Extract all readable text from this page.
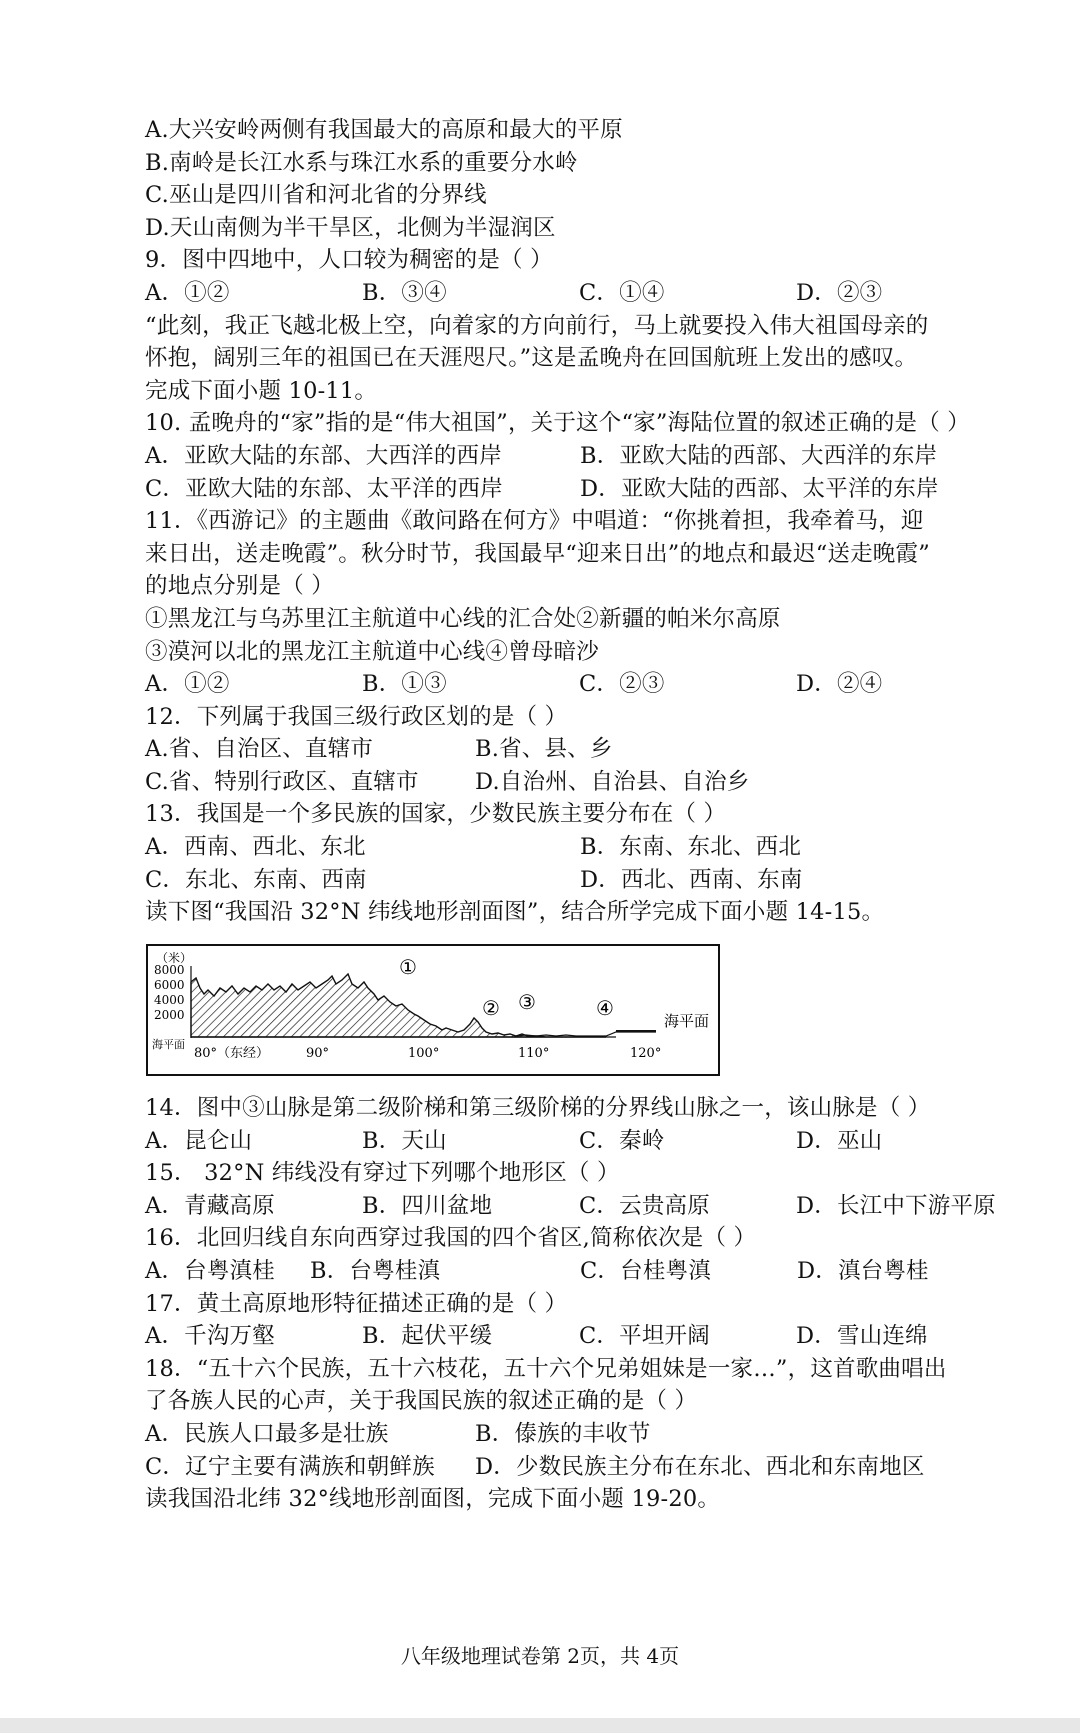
A.大兴安岭两侧有我国最大的高原和最大的平原
B.南岭是长江水系与珠江水系的重要分水岭
C.巫山是四川省和河北省的分界线
D.天山南侧为半干旱区，北侧为半湿润区
9．图中四地中，人口较为稠密的是（ ）
A．①②	B．③④	C．①④	D．②③
“此刻，我正飞越北极上空，向着家的方向前行，马上就要投入伟大祖国母亲的
怀抱，阔别三年的祖国已在天涯咫尺。”这是孟晚舟在回国航班上发出的感叹。
完成下面小题 10-11。
10. 孟晚舟的“家”指的是“伟大祖国”，关于这个“家”海陆位置的叙述正确的是（ ）
A．亚欧大陆的东部、大西洋的西岸	B．亚欧大陆的西部、大西洋的东岸
C．亚欧大陆的东部、太平洋的西岸	D．亚欧大陆的西部、太平洋的东岸
11．《西游记》的主题曲《敢问路在何方》中唱道：“你挑着担，我牵着马，迎
来日出，送走晚霞”。秋分时节，我国最早“迎来日出”的地点和最迟“送走晚霞”
的地点分别是（ ）
①黑龙江与乌苏里江主航道中心线的汇合处②新疆的帕米尔高原
③漠河以北的黑龙江主航道中心线④曾母暗沙
A．①②	B．①③	C．②③	D．②④
12．下列属于我国三级行政区划的是（ ）
A.省、自治区、直辖市	B.省、县、乡
C.省、特别行政区、直辖市	D.自治州、自治县、自治乡
13．我国是一个多民族的国家，少数民族主要分布在（ ）
A．西南、西北、东北	B．东南、东北、西北
C．东北、东南、西南	D．西北、西南、东南
读下图“我国沿 32°N 纬线地形剖面图”，结合所学完成下面小题 14-15。
（米）
8000
6000
4000
2000
海平面
80°（东经）	90°	100°	110°	120°
①
② ③	④
海平面
14．图中③山脉是第二级阶梯和第三级阶梯的分界线山脉之一，该山脉是（ ）
A．昆仑山	B．天山	C．秦岭	D．巫山
15． 32°N 纬线没有穿过下列哪个地形区（ ）
A．青藏高原	B．四川盆地	C．云贵高原	D．长江中下游平原
16．北回归线自东向西穿过我国的四个省区,简称依次是（ ）
A．台粤滇桂	B．台粤桂滇	C．台桂粤滇	D．滇台粤桂
17．黄土高原地形特征描述正确的是（ ）
A．千沟万壑	B．起伏平缓	C．平坦开阔	D．雪山连绵
18．“五十六个民族，五十六枝花，五十六个兄弟姐妹是一家…”，这首歌曲唱出
了各族人民的心声，关于我国民族的叙述正确的是（ ）
A．民族人口最多是壮族	B．傣族的丰收节
C．辽宁主要有满族和朝鲜族	D．少数民族主分布在东北、西北和东南地区
读我国沿北纬 32°线地形剖面图，完成下面小题 19-20。
八年级地理试卷第 2页，共 4页
